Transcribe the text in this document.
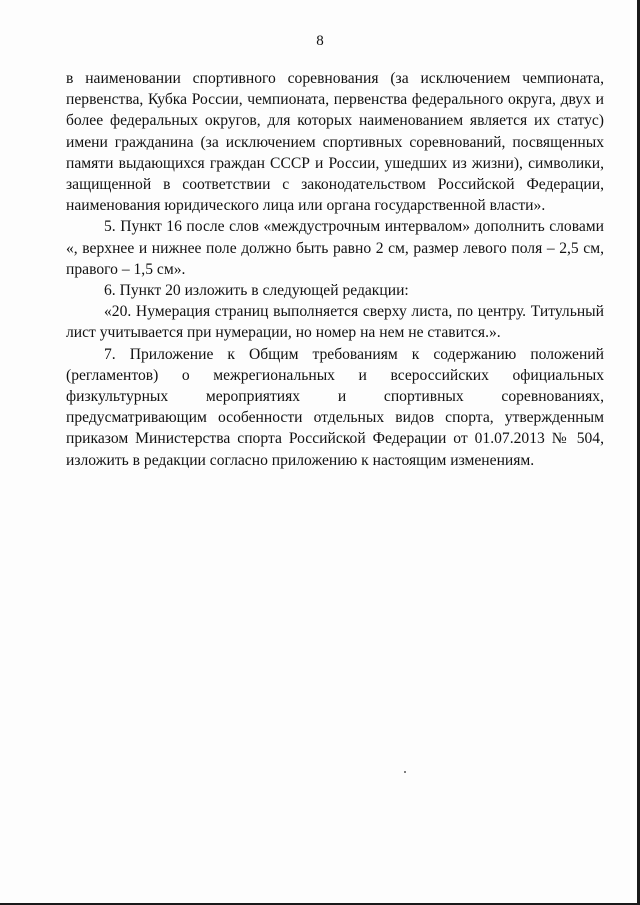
8

в наименовании спортивного соревнования (за исключением чемпионата, первенства, Кубка России, чемпионата, первенства федерального округа, двух и более федеральных округов, для которых наименованием является их статус) имени гражданина (за исключением спортивных соревнований, посвященных памяти выдающихся граждан СССР и России, ушедших из жизни), символики, защищенной в соответствии с законодательством Российской Федерации, наименования юридического лица или органа государственной власти».

5. Пункт 16 после слов «междустрочным интервалом» дополнить словами «, верхнее и нижнее поле должно быть равно 2 см, размер левого поля – 2,5 см, правого – 1,5 см».

6. Пункт 20 изложить в следующей редакции:

«20. Нумерация страниц выполняется сверху листа, по центру. Титульный лист учитывается при нумерации, но номер на нем не ставится.».

7. Приложение к Общим требованиям к содержанию положений (регламентов) о межрегиональных и всероссийских официальных физкультурных мероприятиях и спортивных соревнованиях, предусматривающим особенности отдельных видов спорта, утвержденным приказом Министерства спорта Российской Федерации от 01.07.2013 № 504, изложить в редакции согласно приложению к настоящим изменениям.
